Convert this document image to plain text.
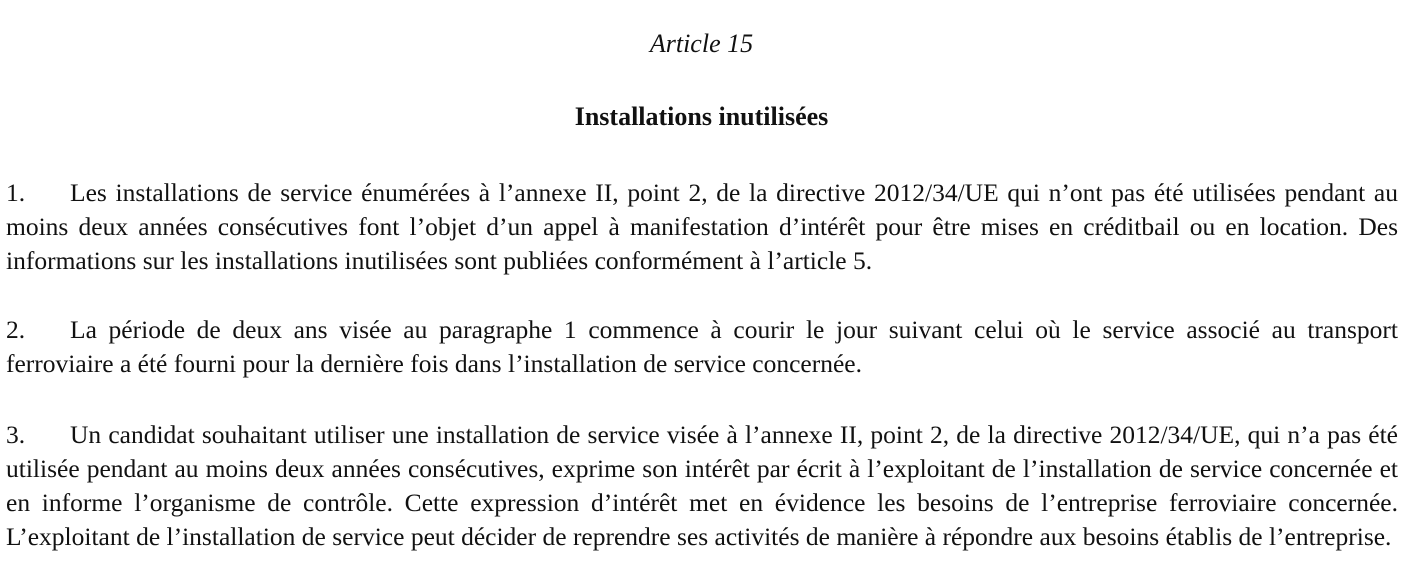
Article 15
Installations inutilisées
1. Les installations de service énumérées à l’annexe II, point 2, de la directive 2012/34/UE qui n’ont pas été utilisées pendant au moins deux années consécutives font l’objet d’un appel à manifestation d’intérêt pour être mises en créditbail ou en location. Des informations sur les installations inutilisées sont publiées conformément à l’article 5.
2. La période de deux ans visée au paragraphe 1 commence à courir le jour suivant celui où le service associé au transport ferroviaire a été fourni pour la dernière fois dans l’installation de service concernée.
3. Un candidat souhaitant utiliser une installation de service visée à l’annexe II, point 2, de la directive 2012/34/UE, qui n’a pas été utilisée pendant au moins deux années consécutives, exprime son intérêt par écrit à l’exploitant de l’installation de service concernée et en informe l’organisme de contrôle. Cette expression d’intérêt met en évidence les besoins de l’entreprise ferroviaire concernée. L’exploitant de l’installation de service peut décider de reprendre ses activités de manière à répondre aux besoins établis de l’entreprise.
